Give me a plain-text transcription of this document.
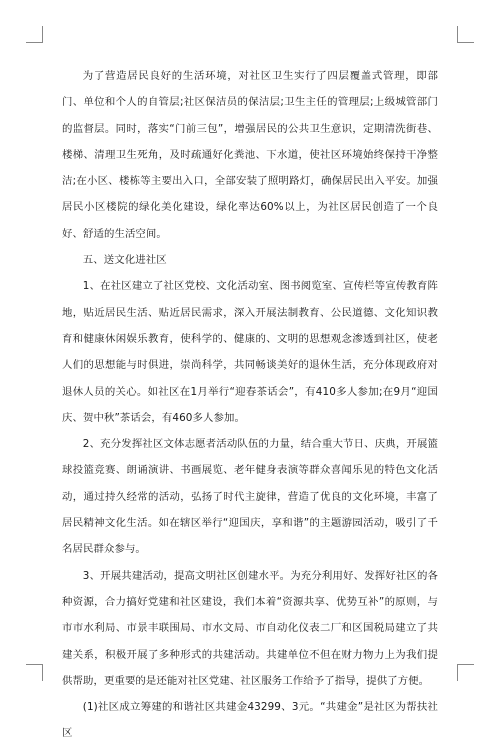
为了营造居民良好的生活环境，对社区卫生实行了四层覆盖式管理，即部门、单位和个人的自管层;社区保洁员的保洁层;卫生主任的管理层;上级城管部门的监督层。同时，落实“门前三包”，增强居民的公共卫生意识，定期清洗街巷、楼梯、清理卫生死角，及时疏通好化粪池、下水道，使社区环境始终保持干净整洁;在小区、楼栋等主要出入口，全部安装了照明路灯，确保居民出入平安。加强居民小区楼院的绿化美化建设，绿化率达60%以上，为社区居民创造了一个良好、舒适的生活空间。

五、送文化进社区

1、在社区建立了社区党校、文化活动室、图书阅览室、宣传栏等宣传教育阵地，贴近居民生活、贴近居民需求，深入开展法制教育、公民道德、文化知识教育和健康休闲娱乐教育，使科学的、健康的、文明的思想观念渗透到社区，使老人们的思想能与时俱进，崇尚科学，共同畅谈美好的退休生活，充分体现政府对退休人员的关心。如社区在1月举行“迎春茶话会”，有410多人参加;在9月“迎国庆、贺中秋”茶话会，有460多人参加。

2、充分发挥社区文体志愿者活动队伍的力量，结合重大节日、庆典，开展篮球投篮竞赛、朗诵演讲、书画展览、老年健身表演等群众喜闻乐见的特色文化活动，通过持久经常的活动，弘扬了时代主旋律，营造了优良的文化环境，丰富了居民精神文化生活。如在辖区举行“迎国庆，享和谐”的主题游园活动，吸引了千名居民群众参与。

3、开展共建活动，提高文明社区创建水平。为充分利用好、发挥好社区的各种资源，合力搞好党建和社区建设，我们本着“资源共享、优势互补”的原则，与市市水利局、市景丰联围局、市水文局、市自动化仪表二厂和区国税局建立了共建关系，积极开展了多种形式的共建活动。共建单位不但在财力物力上为我们提供帮助，更重要的是还能对社区党建、社区服务工作给予了指导，提供了方便。

(1)社区成立筹建的和谐社区共建金43299、3元。“共建金”是社区为帮扶社区
